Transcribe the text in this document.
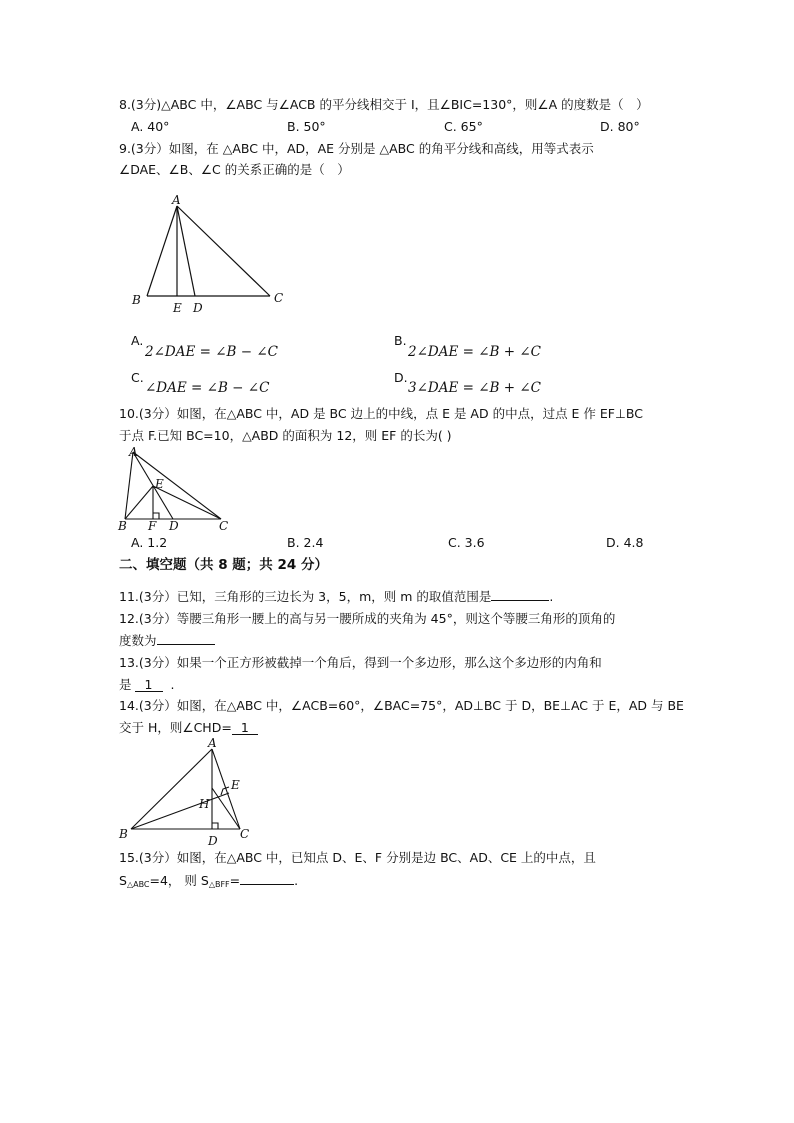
8.(3分)△ABC 中，∠ABC 与∠ACB 的平分线相交于 I，且∠BIC=130°，则∠A 的度数是（　）
A. 40°	B. 50°	C. 65°	D. 80°
9.(3分）如图，在 △ABC 中，AD，AE 分别是 △ABC 的角平分线和高线，用等式表示
∠DAE、∠B、∠C 的关系正确的是（　）
A
B	C
E D
A.
2∠DAE = ∠B − ∠C
B.
2∠DAE = ∠B + ∠C
C.
∠DAE = ∠B − ∠C
D.
3∠DAE = ∠B + ∠C
10.(3分）如图，在△ABC 中，AD 是 BC 边上的中线，点 E 是 AD 的中点，过点 E 作 EF⊥BC
于点 F.已知 BC=10，△ABD 的面积为 12，则 EF 的长为( )
A
E
B F D	C
A. 1.2	B. 2.4	C. 3.6	D. 4.8
二、填空题（共 8 题；共 24 分）
11.(3分）已知，三角形的三边长为 3，5，m，则 m 的取值范围是	.
12.(3分）等腰三角形一腰上的高与另一腰所成的夹角为 45°，则这个等腰三角形的顶角的
度数为
13.(3分）如果一个正方形被截掉一个角后，得到一个多边形，那么这个多边形的内角和
是 1 .
14.(3分）如图，在△ABC 中，∠ACB=60°，∠BAC=75°，AD⊥BC 于 D，BE⊥AC 于 E，AD 与 BE
交于 H，则∠CHD= 1
A
E
H
B	D C
15.(3分）如图，在△ABC 中，已知点 D、E、F 分别是边 BC、AD、CE 上的中点，且
$S_{\triangle ABC}=4$， 则 $S_{\triangle BFF}=$	.
